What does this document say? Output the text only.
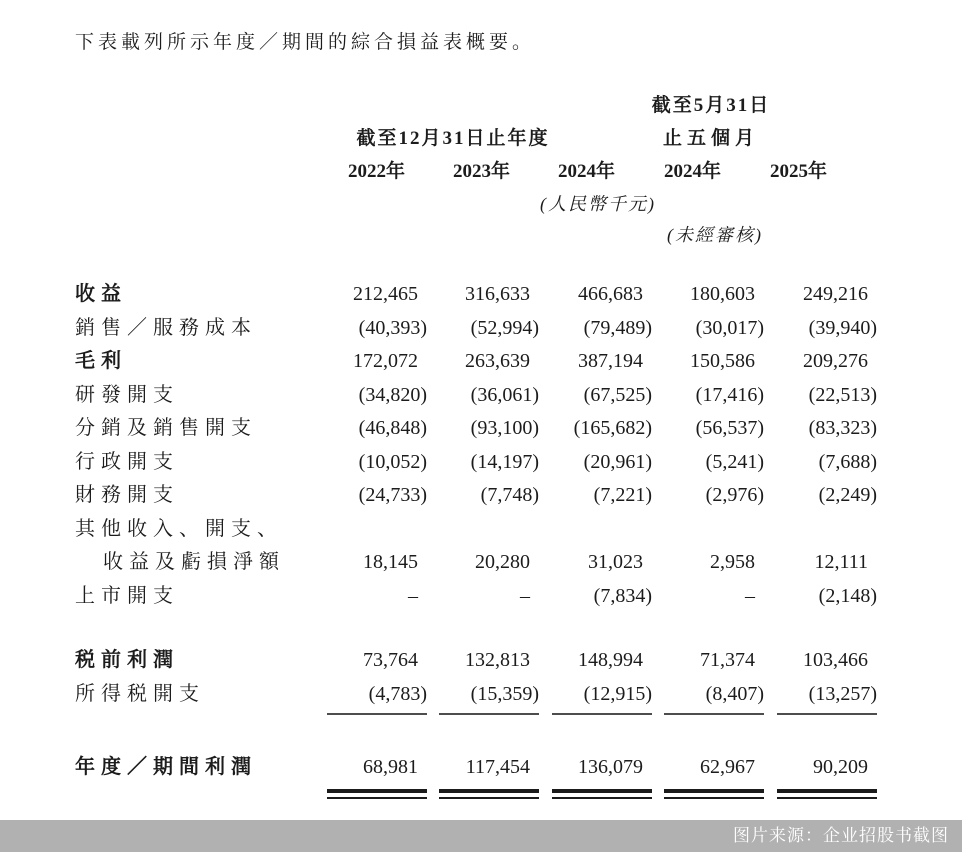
下表載列所示年度／期間的綜合損益表概要。
截至5月31日
截至12月31日止年度	止五個月
2022年	2023年	2024年	2024年	2025年
(人民幣千元)
(未經審核)
收益	212,465	316,633	466,683	180,603	249,216

銷售／服務成本	(40,393)	(52,994)	(79,489)	(30,017)	(39,940)

毛利	172,072	263,639	387,194	150,586	209,276

研發開支	(34,820)	(36,061)	(67,525)	(17,416)	(22,513)

分銷及銷售開支	(46,848)	(93,100)	(165,682)	(56,537)	(83,323)

行政開支	(10,052)	(14,197)	(20,961)	(5,241)	(7,688)

財務開支	(24,733)	(7,748)	(7,221)	(2,976)	(2,249)

其他收入、開支、	

收益及虧損淨額	18,145	20,280	31,023	2,958	12,111

上市開支	–	–	(7,834)	–	(2,148)

税前利潤	73,764	132,813	148,994	71,374	103,466

所得税開支	(4,783)	(15,359)	(12,915)	(8,407)	(13,257)

年度／期間利潤	68,981	117,454	136,079	62,967	90,209
图片来源：企业招股书截图
